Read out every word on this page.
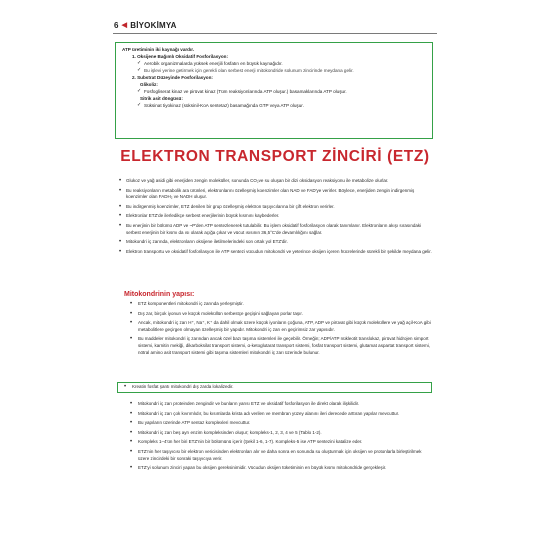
6 ◀ BİYOKİMYA
ATP üretiminin iki kaynağı vardır.
1. Oksijene Bağımlı Oksidatif Fosforilasyon:
✓ Aerobik organizmalarda yüksek enerjili fosfatın en büyük kaynağıdır.
✓ Bu işlevi yerine getirmek için gerekli olan serbest enerji mitokondride solunum zincirinde meydana gelir.
2. Substrat Düzeyinde Fosforilasyon:
Glikoliz:
✓ Fosfogliserat kinaz ve pirüvat kinaz (Tüm reaksiyonlarında ATP oluşur.) basamaklarında ATP oluşur.
Sitrik asit döngüsü:
✓ Süksinat tiyokinaz (süksinil-KoA sentetaz) basamağında GTP veya ATP oluşur.
ELEKTRON TRANSPORT ZİNCİRİ (ETZ)
• Glukoz ve yağ asidi gibi enerjiden zengin moleküller, sonunda CO₂ve su oluşan bir dizi oksidasyon reaksiyonu ile metabolize olurlar.
• Bu reaksiyonların metabolik ara ürünleri, elektronlarını özelleşmiş koenzimler olan NAD ve FAD'ye verirler. Böylece, enerjiden zengin indirgenmiş koenzimler olan FADH₂ ve NADH oluşur.
• Bu indirgenmiş koenzimler, ETZ denilen bir grup özelleşmiş elektron taşıyıcılarına bir çift elektron verirler.
• Elektronlar ETZ'de ilerledikçe serbest enerjilerinin büyük kısmını kaybederler.
• Bu enerjinin bir bölümü ADP ve ~P'den ATP sentezlenerek tutulabilir. Bu işlem oksidatif fosforilasyon olarak tanımlanır. Elektronların akışı sırasındaki serbest enerjinin bir kısmı da ısı olarak açığa çıkar ve vücut ısısının 36,5°C'de devamlılığını sağlar.
• Mitokondri iç zarında, elektronların oksijene iletilmelerindeki son ortak yol ETZ'dir.
• Elektron transportu ve oksidatif fosforilasyon ile ATP sentezi vücudun mitokondri ve yeterince oksijen içeren hücrelerinde sürekli bir şekilde meydana gelir.
Mitokondrinin yapısı:
• ETZ komponentleri mitokondri iç zarında yerleşmiştir.
• Dış zar, birçok iyonun ve küçük moleküllün serbestçe geçişini sağlayan porlar taşır.
• Ancak, mitokondri iç zarı H⁺, Na⁺, K⁺ da dahil olmak üzere küçük iyonların çoğuna, ATP, ADP ve pirüvat gibi küçük moleküllere ve yağ açil-KoA gibi metabolitlere geçirgen olmayan özelleşmiş bir yapıdır. Mitokondri iç zarı en geçirimsiz zar yapısıdır.
• Bu maddeler mitokondri iç zarından ancak özel bazı taşıma sistemleri ile geçebilir. Örneğin; ADP/ATP nükleotit translokaz, pirüvat hidrojen simport sistemi, karnitin mekiği, dikarboksilat transport sistemi, α-ketoglutarat transport sistemi, fosfat transport sistemi, glutamat aspartat transport sistemi, nötral amino asit transport sistemi gibi taşıma sistemleri mitokondri iç zarı üzerinde bulunur.
• Kreatin fosfat şantı mitokondri dış zarda lokalizedir.
• Mitokondri iç zarı proteinden zengindir ve bunların yarısı ETZ ve oksidatif fosforilasyon ile direkt olarak ilişkilidir.
• Mitokondri iç zarı çok kıvrımlıdır, bu kısımlarda krista adı verilen ve membran yüzey alanını ileri derecede arttıran yapılar mevcuttur.
• Bu yapıların üzerinde ATP sentaz komplexleri mevcuttur.
• Mitokondri iç zarı beş ayrı enzim kompleksinden oluşur; kompleks-1, 2, 3, 4 ve 5 (Tablo 1-2).
• Kompleks 1–4'ün her biri ETZ'nin bir bölümünü içerir (Şekil 1-6, 1-7). Kompleks-5 ise ATP sentezini katalize eder.
• ETZ'nin her taşıyıcısı bir elektron vericisinden elektronları alır ve daha sonra en sonunda su oluşturmak için oksijen ve protonlarla birleştirilmek üzere zincirdeki bir sonraki taşıyıcıya verir.
• ETZ'yi solunum zinciri yapan bu oksijen gereksinimidir. Vücudun oksijen tüketiminin en büyük kısmı mitokondride gerçekleşir.
